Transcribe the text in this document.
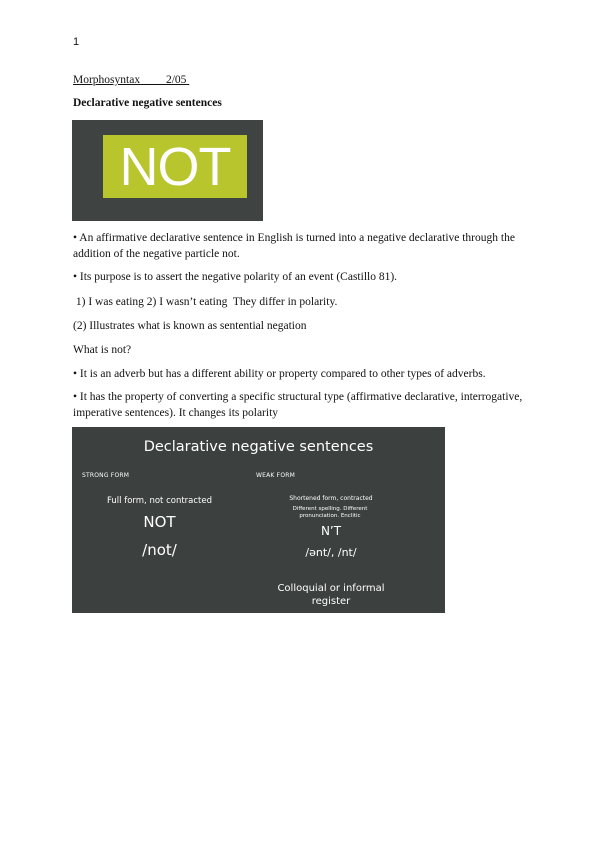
1
Morphosyntax 2/05
Declarative negative sentences
NOT
• An affirmative declarative sentence in English is turned into a negative declarative through the addition of the negative particle not.
• Its purpose is to assert the negative polarity of an event (Castillo 81).
1) I was eating 2) I wasn’t eating  They differ in polarity.
(2) Illustrates what is known as sentential negation
What is not?
• It is an adverb but has a different ability or property compared to other types of adverbs.
• It has the property of converting a specific structural type (affirmative declarative, interrogative, imperative sentences). It changes its polarity
Declarative negative sentences
STRONG FORM	WEAK FORM
Full form, not contracted
NOT
/not/
Shortened form, contracted
Different spelling. Different
pronunciation. Enclitic
N’T
/ənt/, /nt/
Colloquial or informal
register
